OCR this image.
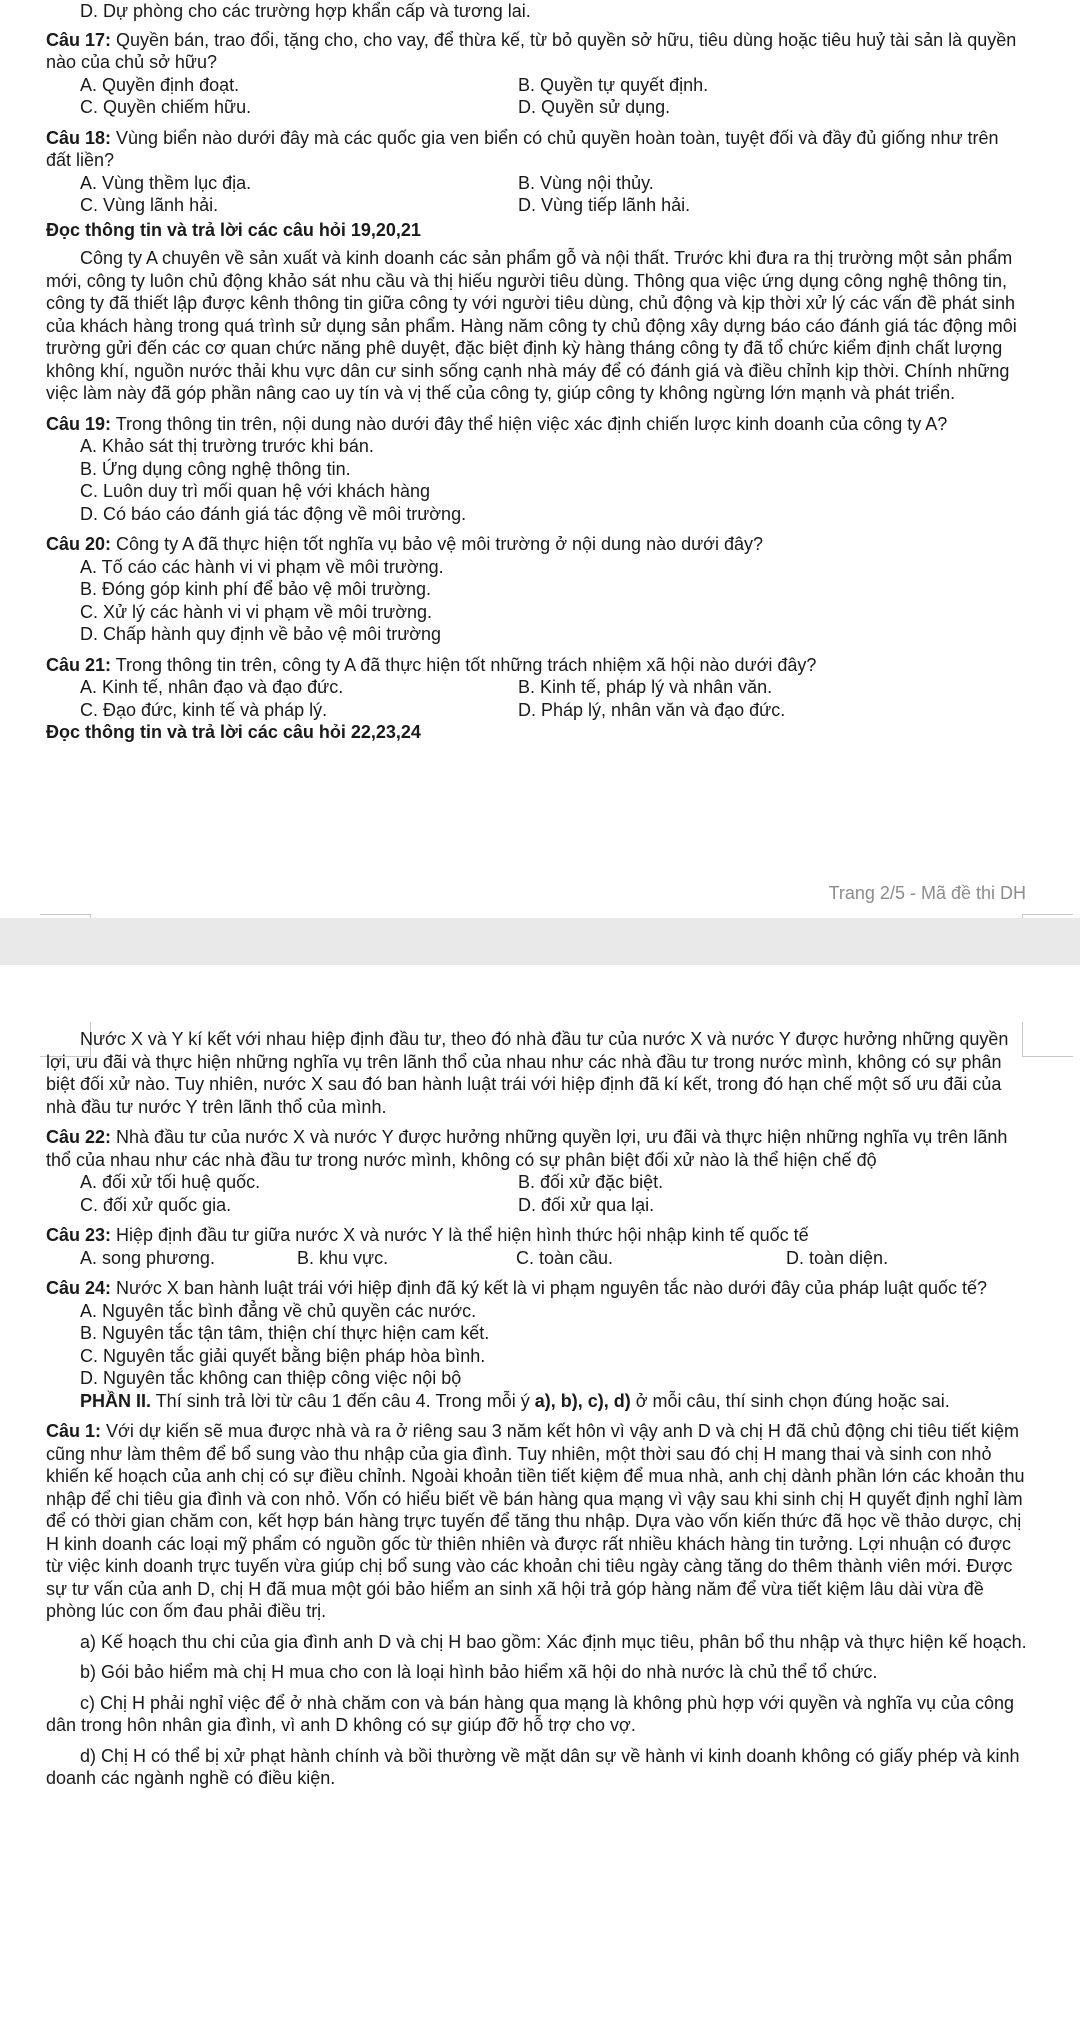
D. Dự phòng cho các trường hợp khẩn cấp và tương lai.

Câu 17: Quyền bán, trao đổi, tặng cho, cho vay, để thừa kế, từ bỏ quyền sở hữu, tiêu dùng hoặc tiêu huỷ tài sản là quyền nào của chủ sở hữu?

A. Quyền định đoạt.	B. Quyền tự quyết định.
C. Quyền chiếm hữu.	D. Quyền sử dụng.

Câu 18: Vùng biển nào dưới đây mà các quốc gia ven biển có chủ quyền hoàn toàn, tuyệt đối và đầy đủ giống như trên đất liền?

A. Vùng thềm lục địa.	B. Vùng nội thủy.
C. Vùng lãnh hải.	D. Vùng tiếp lãnh hải.

Đọc thông tin và trả lời các câu hỏi 19,20,21

Công ty A chuyên về sản xuất và kinh doanh các sản phẩm gỗ và nội thất. Trước khi đưa ra thị trường một sản phẩm mới, công ty luôn chủ động khảo sát nhu cầu và thị hiếu người tiêu dùng. Thông qua việc ứng dụng công nghệ thông tin, công ty đã thiết lập được kênh thông tin giữa công ty với người tiêu dùng, chủ động và kịp thời xử lý các vấn đề phát sinh của khách hàng trong quá trình sử dụng sản phẩm. Hàng năm công ty chủ động xây dựng báo cáo đánh giá tác động môi trường gửi đến các cơ quan chức năng phê duyệt, đặc biệt định kỳ hàng tháng công ty đã tổ chức kiểm định chất lượng không khí, nguồn nước thải khu vực dân cư sinh sống cạnh nhà máy để có đánh giá và điều chỉnh kịp thời. Chính những việc làm này đã góp phần nâng cao uy tín và vị thế của công ty, giúp công ty không ngừng lớn mạnh và phát triển.

Câu 19: Trong thông tin trên, nội dung nào dưới đây thể hiện việc xác định chiến lược kinh doanh của công ty A?

A. Khảo sát thị trường trước khi bán.

B. Ứng dụng công nghệ thông tin.

C. Luôn duy trì mối quan hệ với khách hàng

D. Có báo cáo đánh giá tác động về môi trường.

Câu 20: Công ty A đã thực hiện tốt nghĩa vụ bảo vệ môi trường ở nội dung nào dưới đây?

A. Tố cáo các hành vi vi phạm về môi trường.

B. Đóng góp kinh phí để bảo vệ môi trường.

C. Xử lý các hành vi vi phạm về môi trường.

D. Chấp hành quy định về bảo vệ môi trường

Câu 21: Trong thông tin trên, công ty A đã thực hiện tốt những trách nhiệm xã hội nào dưới đây?

A. Kinh tế, nhân đạo và đạo đức.	B. Kinh tế, pháp lý và nhân văn.
C. Đạo đức, kinh tế và pháp lý.	D. Pháp lý, nhân văn và đạo đức.

Đọc thông tin và trả lời các câu hỏi 22,23,24

Trang 2/5 - Mã đề thi DH

Nước X và Y kí kết với nhau hiệp định đầu tư, theo đó nhà đầu tư của nước X và nước Y được hưởng những quyền lợi, ưu đãi và thực hiện những nghĩa vụ trên lãnh thổ của nhau như các nhà đầu tư trong nước mình, không có sự phân biệt đối xử nào. Tuy nhiên, nước X sau đó ban hành luật trái với hiệp định đã kí kết, trong đó hạn chế một số ưu đãi của nhà đầu tư nước Y trên lãnh thổ của mình.

Câu 22: Nhà đầu tư của nước X và nước Y được hưởng những quyền lợi, ưu đãi và thực hiện những nghĩa vụ trên lãnh thổ của nhau như các nhà đầu tư trong nước mình, không có sự phân biệt đối xử nào là thể hiện chế độ

A. đối xử tối huệ quốc.	B. đối xử đặc biệt.
C. đối xử quốc gia.	D. đối xử qua lại.

Câu 23: Hiệp định đầu tư giữa nước X và nước Y là thể hiện hình thức hội nhập kinh tế quốc tế

A. song phương.	B. khu vực.	C. toàn cầu.	D. toàn diện.

Câu 24: Nước X ban hành luật trái với hiệp định đã ký kết là vi phạm nguyên tắc nào dưới đây của pháp luật quốc tế?

A. Nguyên tắc bình đẳng về chủ quyền các nước.

B. Nguyên tắc tận tâm, thiện chí thực hiện cam kết.

C. Nguyên tắc giải quyết bằng biện pháp hòa bình.

D. Nguyên tắc không can thiệp công việc nội bộ

PHẦN II. Thí sinh trả lời từ câu 1 đến câu 4. Trong mỗi ý a), b), c), d) ở mỗi câu, thí sinh chọn đúng hoặc sai.

Câu 1: Với dự kiến sẽ mua được nhà và ra ở riêng sau 3 năm kết hôn vì vậy anh D và chị H đã chủ động chi tiêu tiết kiệm cũng như làm thêm để bổ sung vào thu nhập của gia đình. Tuy nhiên, một thời sau đó chị H mang thai và sinh con nhỏ khiến kế hoạch của anh chị có sự điều chỉnh. Ngoài khoản tiền tiết kiệm để mua nhà, anh chị dành phần lớn các khoản thu nhập để chi tiêu gia đình và con nhỏ. Vốn có hiểu biết về bán hàng qua mạng vì vậy sau khi sinh chị H quyết định nghỉ làm để có thời gian chăm con, kết hợp bán hàng trực tuyến để tăng thu nhập. Dựa vào vốn kiến thức đã học về thảo dược, chị H kinh doanh các loại mỹ phẩm có nguồn gốc từ thiên nhiên và được rất nhiều khách hàng tin tưởng. Lợi nhuận có được từ việc kinh doanh trực tuyến vừa giúp chị bổ sung vào các khoản chi tiêu ngày càng tăng do thêm thành viên mới. Được sự tư vấn của anh D, chị H đã mua một gói bảo hiểm an sinh xã hội trả góp hàng năm để vừa tiết kiệm lâu dài vừa đề phòng lúc con ốm đau phải điều trị.

a) Kế hoạch thu chi của gia đình anh D và chị H bao gồm: Xác định mục tiêu, phân bổ thu nhập và thực hiện kế hoạch.

b) Gói bảo hiểm mà chị H mua cho con là loại hình bảo hiểm xã hội do nhà nước là chủ thể tổ chức.

c) Chị H phải nghỉ việc để ở nhà chăm con và bán hàng qua mạng là không phù hợp với quyền và nghĩa vụ của công dân trong hôn nhân gia đình, vì anh D không có sự giúp đỡ hỗ trợ cho vợ.

d) Chị H có thể bị xử phạt hành chính và bồi thường về mặt dân sự về hành vi kinh doanh không có giấy phép và kinh doanh các ngành nghề có điều kiện.
